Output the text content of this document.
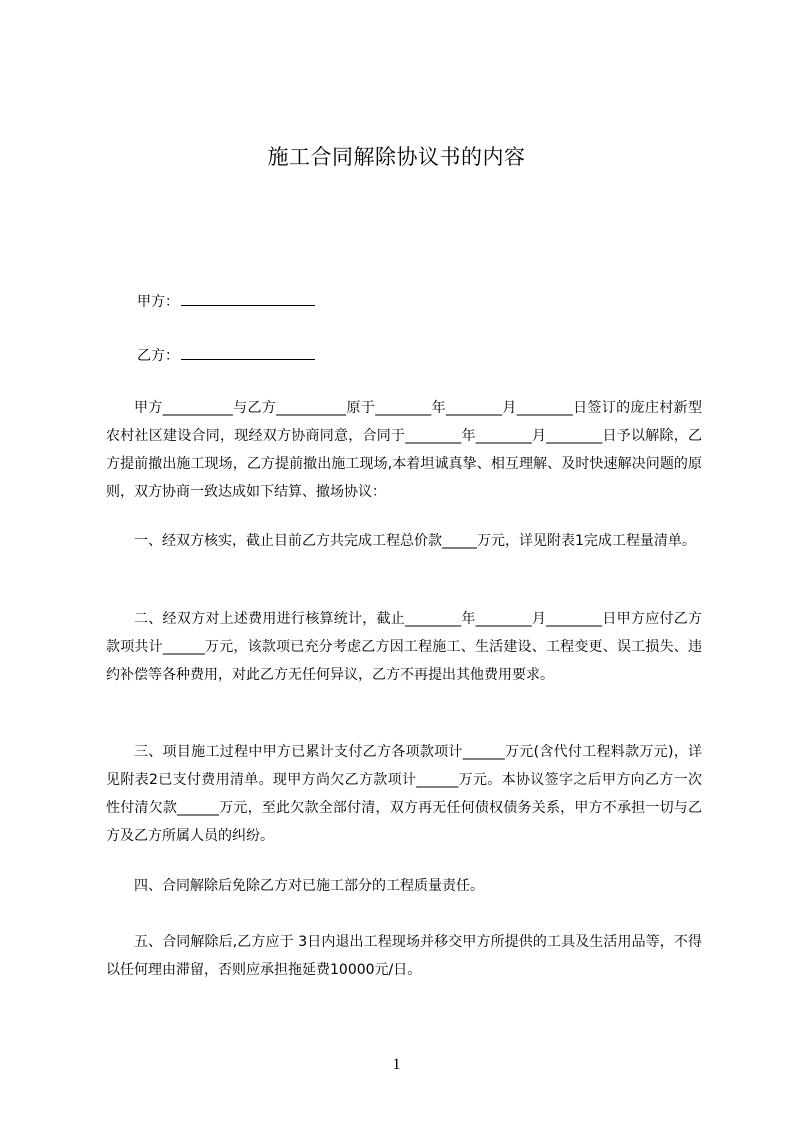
施工合同解除协议书的内容
甲方：
乙方：

甲方__________与乙方__________原于________年________月________日签订的庞庄村新型农村社区建设合同，现经双方协商同意，合同于________年________月________日予以解除，乙方提前撤出施工现场，乙方提前撤出施工现场,本着坦诚真挚、相互理解、及时快速解决问题的原则，双方协商一致达成如下结算、撤场协议：

一、经双方核实，截止目前乙方共完成工程总价款_____万元，详见附表1完成工程量清单。

二、经双方对上述费用进行核算统计，截止________年________月________日甲方应付乙方款项共计______万元，该款项已充分考虑乙方因工程施工、生活建设、工程变更、误工损失、违约补偿等各种费用，对此乙方无任何异议，乙方不再提出其他费用要求。

三、项目施工过程中甲方已累计支付乙方各项款项计______万元(含代付工程料款万元)，详见附表2已支付费用清单。现甲方尚欠乙方款项计______万元。本协议签字之后甲方向乙方一次性付清欠款______万元，至此欠款全部付清，双方再无任何债权债务关系，甲方不承担一切与乙方及乙方所属人员的纠纷。

四、合同解除后免除乙方对已施工部分的工程质量责任。

五、合同解除后,乙方应于 3日内退出工程现场并移交甲方所提供的工具及生活用品等，不得以任何理由滞留，否则应承担拖延费10000元/日。

1
